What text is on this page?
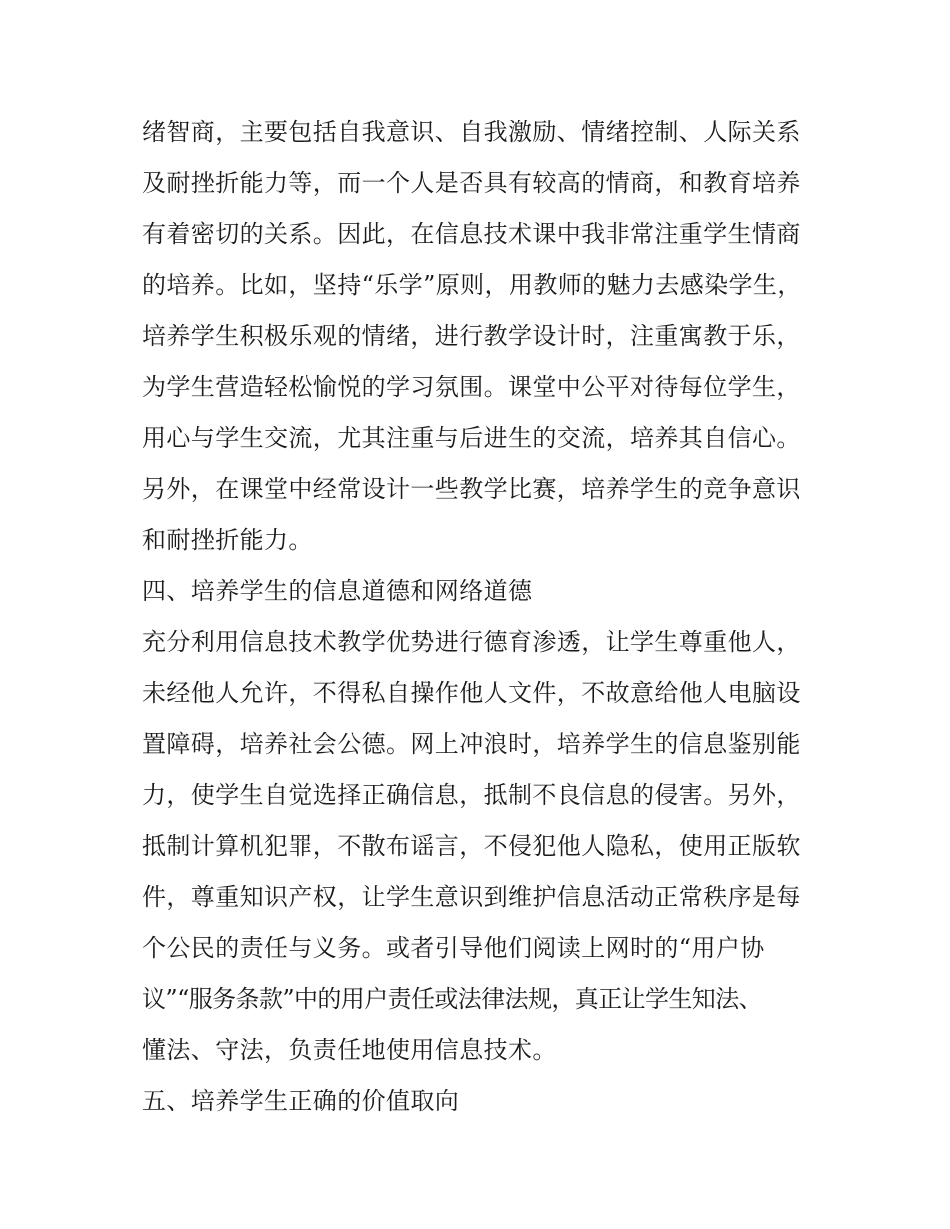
绪智商，主要包括自我意识、自我激励、情绪控制、人际关系
及耐挫折能力等，而一个人是否具有较高的情商，和教育培养
有着密切的关系。因此，在信息技术课中我非常注重学生情商
的培养。比如，坚持“乐学”原则，用教师的魅力去感染学生，
培养学生积极乐观的情绪，进行教学设计时，注重寓教于乐，
为学生营造轻松愉悦的学习氛围。课堂中公平对待每位学生，
用心与学生交流，尤其注重与后进生的交流，培养其自信心。
另外，在课堂中经常设计一些教学比赛，培养学生的竞争意识
和耐挫折能力。
四、培养学生的信息道德和网络道德
充分利用信息技术教学优势进行德育渗透，让学生尊重他人，
未经他人允许，不得私自操作他人文件，不故意给他人电脑设
置障碍，培养社会公德。网上冲浪时，培养学生的信息鉴别能
力，使学生自觉选择正确信息，抵制不良信息的侵害。另外，
抵制计算机犯罪，不散布谣言，不侵犯他人隐私，使用正版软
件，尊重知识产权，让学生意识到维护信息活动正常秩序是每
个公民的责任与义务。或者引导他们阅读上网时的“用户协
议”“服务条款”中的用户责任或法律法规，真正让学生知法、
懂法、守法，负责任地使用信息技术。
五、培养学生正确的价值取向
